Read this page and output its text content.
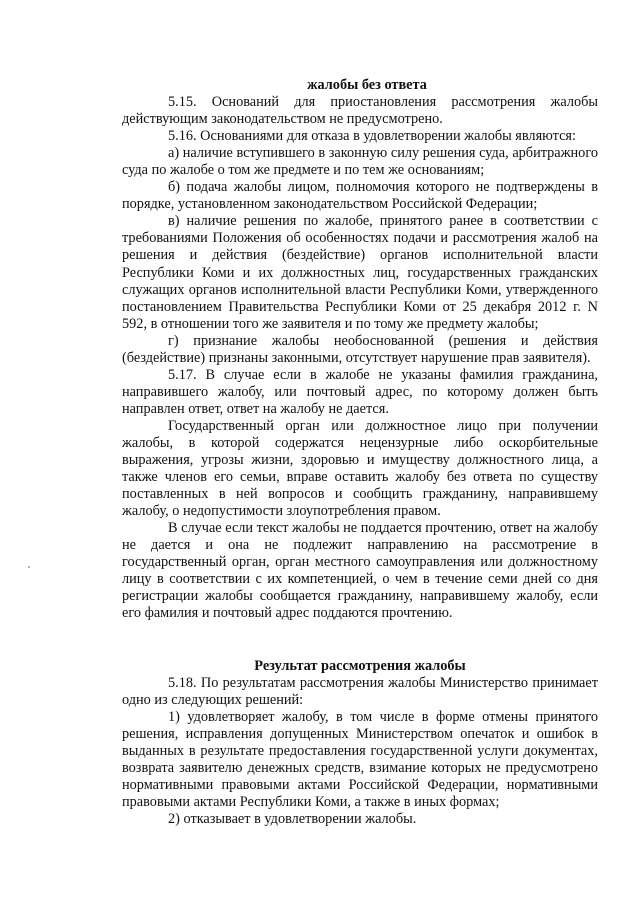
жалобы без ответа

5.15. Оснований для приостановления рассмотрения жалобы действующим законодательством не предусмотрено.

5.16. Основаниями для отказа в удовлетворении жалобы являются:

а) наличие вступившего в законную силу решения суда, арбитражного суда по жалобе о том же предмете и по тем же основаниям;

б) подача жалобы лицом, полномочия которого не подтверждены в порядке, установленном законодательством Российской Федерации;

в) наличие решения по жалобе, принятого ранее в соответствии с требованиями Положения об особенностях подачи и рассмотрения жалоб на решения и действия (бездействие) органов исполнительной власти Республики Коми и их должностных лиц, государственных гражданских служащих органов исполнительной власти Республики Коми, утвержденного постановлением Правительства Республики Коми от 25 декабря 2012 г. N 592, в отношении того же заявителя и по тому же предмету жалобы;

г) признание жалобы необоснованной (решения и действия (бездействие) признаны законными, отсутствует нарушение прав заявителя).

5.17. В случае если в жалобе не указаны фамилия гражданина, направившего жалобу, или почтовый адрес, по которому должен быть направлен ответ, ответ на жалобу не дается.

Государственный орган или должностное лицо при получении жалобы, в которой содержатся нецензурные либо оскорбительные выражения, угрозы жизни, здоровью и имуществу должностного лица, а также членов его семьи, вправе оставить жалобу без ответа по существу поставленных в ней вопросов и сообщить гражданину, направившему жалобу, о недопустимости злоупотребления правом.

В случае если текст жалобы не поддается прочтению, ответ на жалобу не дается и она не подлежит направлению на рассмотрение в государственный орган, орган местного самоуправления или должностному лицу в соответствии с их компетенцией, о чем в течение семи дней со дня регистрации жалобы сообщается гражданину, направившему жалобу, если его фамилия и почтовый адрес поддаются прочтению.

Результат рассмотрения жалобы

5.18. По результатам рассмотрения жалобы Министерство принимает одно из следующих решений:

1) удовлетворяет жалобу, в том числе в форме отмены принятого решения, исправления допущенных Министерством опечаток и ошибок в выданных в результате предоставления государственной услуги документах, возврата заявителю денежных средств, взимание которых не предусмотрено нормативными правовыми актами Российской Федерации, нормативными правовыми актами Республики Коми, а также в иных формах;

2) отказывает в удовлетворении жалобы.
